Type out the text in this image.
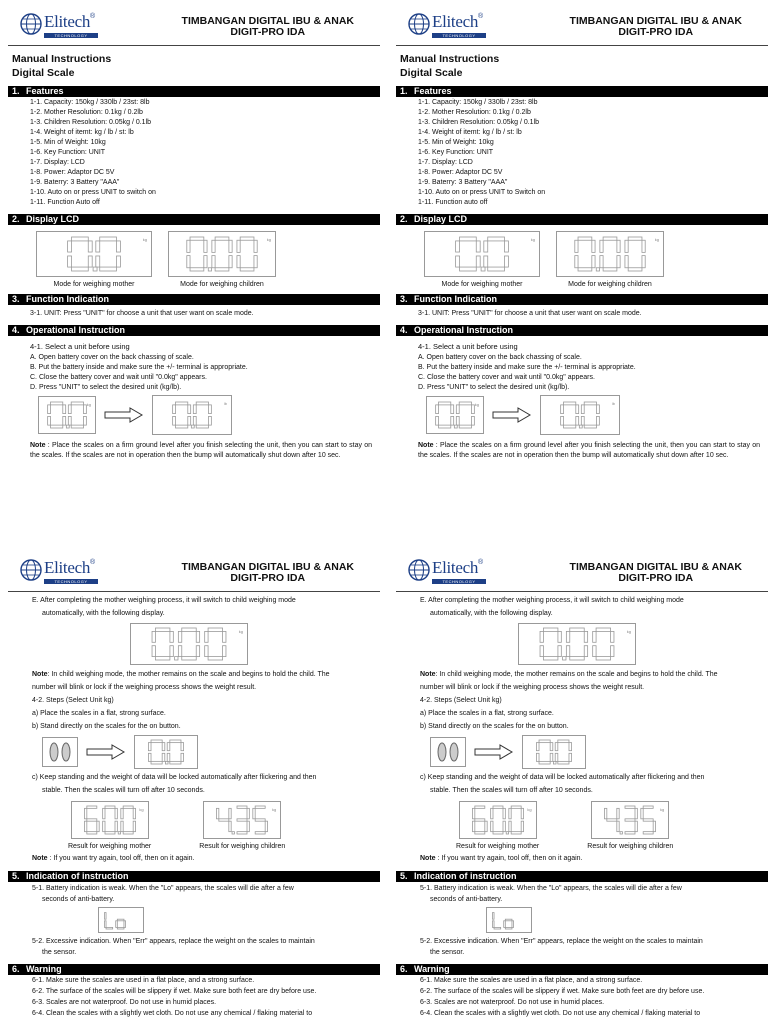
Elitech®
TECHNOLOGY
TIMBANGAN DIGITAL IBU & ANAK
DIGIT-PRO IDA
Manual Instructions
Digital Scale
1. Features
1-1. Capacity: 150kg / 330lb / 23st: 8lb
1-2. Mother Resolution: 0.1kg / 0.2lb
1-3. Children Resolution: 0.05kg / 0.1lb
1-4. Weight of itemt: kg / lb / st: lb
1-5. Min of Weight: 10kg
1-6. Key Function: UNIT
1-7. Display: LCD
1-8. Power: Adaptor DC 5V
1-9. Baterry: 3 Battery "AAA"
1-10. Auto on or press UNIT to switch on
1-11. Function Auto off
2. Display LCD
kg
Mode for weighing mother
kg
Mode for weighing children
3. Function Indication
3-1. UNIT: Press "UNIT" for choose a unit that user want on scale mode.
4. Operational Instruction
4-1. Select a unit before using
A. Open battery cover on the back chassing of scale.
B. Put the battery inside and make sure the +/- terminal is appropriate.
C. Close the battery cover and wait until "0.0kg" appears.
D. Press "UNIT" to select the desired unit (kg/lb).
kg	lb
Note : Place the scales on a firm ground level after you finish selecting the unit, then you can start to stay on the scales. If the scales are not in operation then the bump will automatically shut down after 10 sec.
Elitech®
TECHNOLOGY
TIMBANGAN DIGITAL IBU & ANAK
DIGIT-PRO IDA
Manual Instructions
Digital Scale
1. Features
1-1. Capacity: 150kg / 330lb / 23st: 8lb
1-2. Mother Resolution: 0.1kg / 0.2lb
1-3. Children Resolution: 0.05kg / 0.1lb
1-4. Weight of itemt: kg / lb / st: lb
1-5. Min of Weight: 10kg
1-6. Key Function: UNIT
1-7. Display: LCD
1-8. Power: Adaptor DC 5V
1-9. Baterry: 3 Battery "AAA"
1-10. Auto on or press UNIT to Switch on
1-11. Function auto off
2. Display LCD
kg
Mode for weighing mother
kg
Mode for weighing children
3. Function Indication
3-1. UNIT: Press "UNIT" for choose a unit that user want on scale mode.
4. Operational Instruction
4-1. Select a unit before using
A. Open battery cover on the back chassing of scale.
B. Put the battery inside and make sure the +/- terminal is appropriate.
C. Close the battery cover and wait until "0.0kg" appears.
D. Press "UNIT" to select the desired unit (kg/lb).
kg	lb
Note : Place the scales on a firm ground level after you finish selecting the unit, then you can start to stay on the scales. If the scales are not in operation then the bump will automatically shut down after 10 sec.
Elitech®
TECHNOLOGY
TIMBANGAN DIGITAL IBU & ANAK
DIGIT-PRO IDA
E. After completing the mother weighing process, it will switch to child weighing mode
automatically, with the following display.
kg
Note: In child weighing mode, the mother remains on the scale and begins to hold the child. The
number will blink or lock if the weighing process shows the weight result.
4-2. Steps (Select Unit kg)
a) Place the scales in a flat, strong surface.
b) Stand directly on the scales for the on button.
c) Keep standing and the weight of data will be locked automatically after flickering and then
stable. Then the scales will turn off after 10 seconds.
kg
Result for weighing mother
kg
Result for weighing children
Note : If you want try again, tool off, then on it again.
5. Indication of instruction
5-1. Battery indication is weak. When the "Lo" appears, the scales will die after a few
seconds of anti-battery.
5-2. Excessive indication. When "Err" appears, replace the weight on the scales to maintain
the sensor.
6. Warning
6-1. Make sure the scales are used in a flat place, and a strong surface.
6-2. The surface of the scales will be slippery if wet. Make sure both feet are dry before use.
6-3. Scales are not waterproof. Do not use in humid places.
6-4. Clean the scales with a slightly wet cloth. Do not use any chemical / flaking material to
Elitech®
TECHNOLOGY
TIMBANGAN DIGITAL IBU & ANAK
DIGIT-PRO IDA
E. After completing the mother weighing process, it will switch to child weighing mode
automatically, with the following display.
kg
Note: In child weighing mode, the mother remains on the scale and begins to hold the child. The
number will blink or lock if the weighing process shows the weight result.
4-2. Steps (Select Unit kg)
a) Place the scales in a flat, strong surface.
b) Stand directly on the scales for the on button.
c) Keep standing and the weight of data will be locked automatically after flickering and then
stable. Then the scales will turn off after 10 seconds.
kg
Result for weighing mother
kg
Result for weighing children
Note : If you want try again, tool off, then on it again.
5. Indication of instruction
5-1. Battery indication is weak. When the "Lo" appears, the scales will die after a few
seconds of anti-battery.
5-2. Excessive indication. When "Err" appears, replace the weight on the scales to maintain
the sensor.
6. Warning
6-1. Make sure the scales are used in a flat place, and a strong surface.
6-2. The surface of the scales will be slippery if wet. Make sure both feet are dry before use.
6-3. Scales are not waterproof. Do not use in humid places.
6-4. Clean the scales with a slightly wet cloth. Do not use any chemical / flaking material to
